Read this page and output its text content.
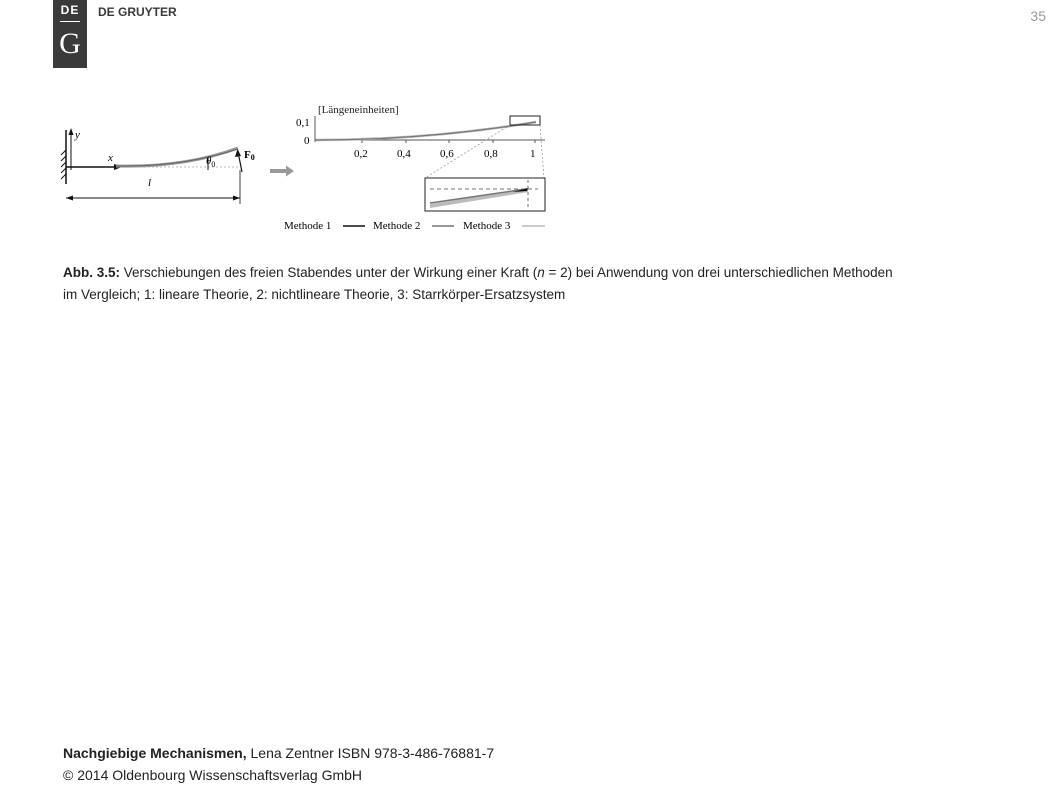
DE
G
DE GRUYTER	35
y
x	$\theta_0$
F0
l
[Längeneinheiten]
0,1
0
0,2	0,4	0,6	0,8	1
Methode 1	Methode 2	Methode 3
Abb. 3.5: Verschiebungen des freien Stabendes unter der Wirkung einer Kraft (n = 2) bei Anwendung von drei unterschiedlichen Methoden im Vergleich; 1: lineare Theorie, 2: nichtlineare Theorie, 3: Starrkörper-Ersatzsystem
Nachgiebige Mechanismen, Lena Zentner ISBN 978-3-486-76881-7
© 2014 Oldenbourg Wissenschaftsverlag GmbH
